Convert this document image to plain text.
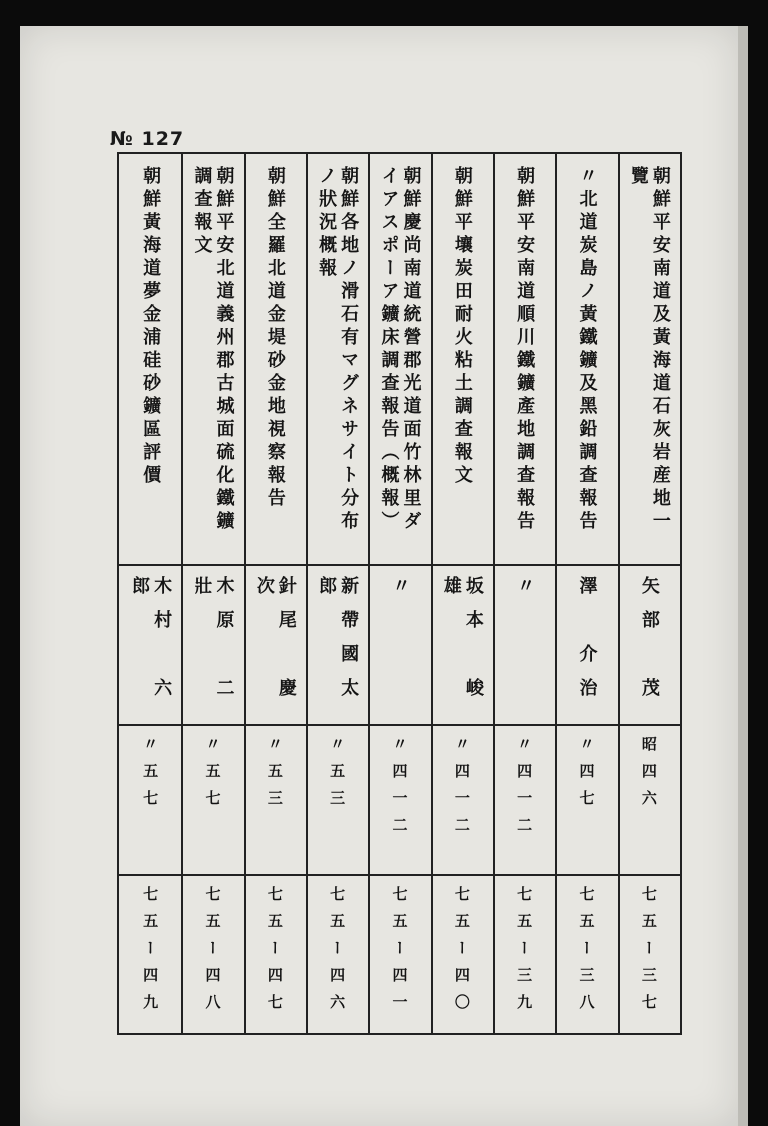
№ 127
朝鮮平安南道及黃海道石灰岩産地一覽
矢部　茂
昭四六
七五ー三七
〃北道炭島ノ黃鐵鑛及黑鉛調查報告
澤　介治
〃四七
七五ー三八
朝鮮平安南道順川鐵鑛產地調查報告
〃
〃四一二
七五ー三九
朝鮮平壤炭田耐火粘土調查報文
坂本　峻雄
〃四一二
七五ー四〇
朝鮮慶尚南道統營郡光道面竹林里ダイアスポーア鑛床調查報告（概報）
〃
〃四一二
七五ー四一
朝鮮各地ノ滑石有マグネサイト分布ノ狀況概報
新帶國太郎
〃五三
七五ー四六
朝鮮全羅北道金堤砂金地視察報告
針尾　慶次
〃五三
七五ー四七
朝鮮平安北道義州郡古城面硫化鐵鑛調查報文
木原　二壯
〃五七
七五ー四八
朝鮮黃海道夢金浦硅砂鑛區評價
木村　六郎
〃五七
七五ー四九
